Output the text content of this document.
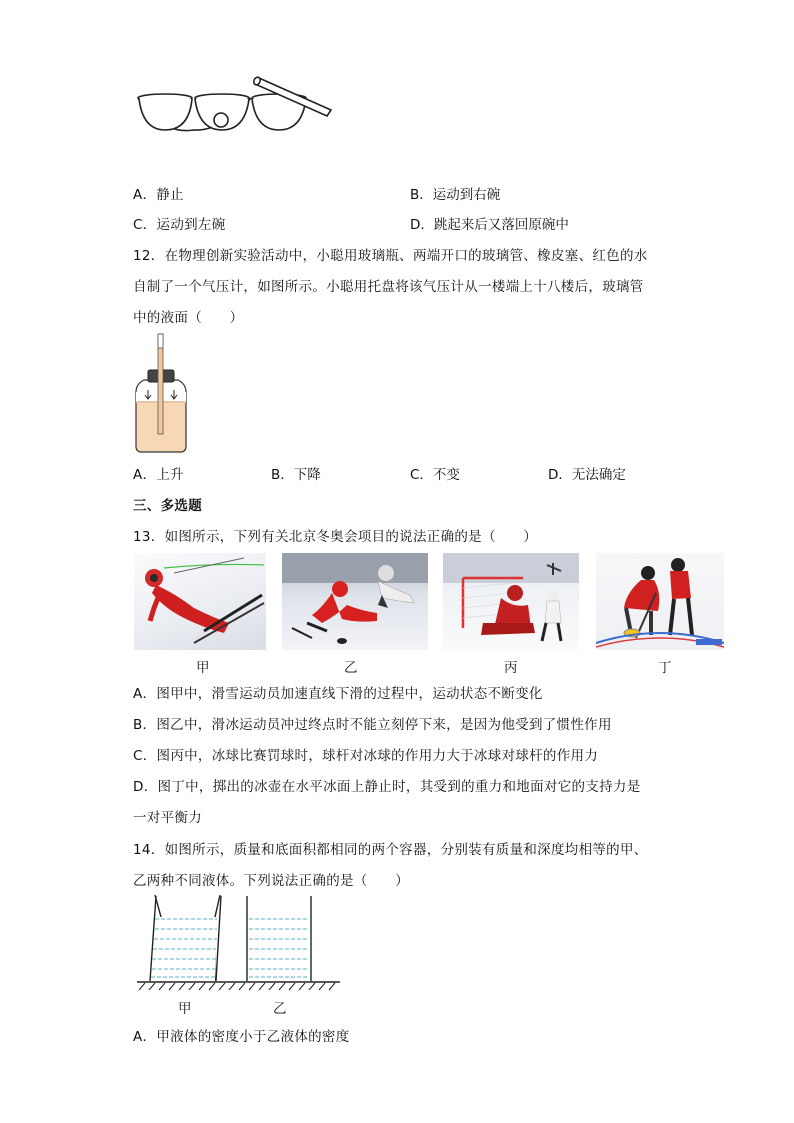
A．静止	B．运动到右碗
C．运动到左碗	D．跳起来后又落回原碗中
12．在物理创新实验活动中，小聪用玻璃瓶、两端开口的玻璃管、橡皮塞、红色的水
自制了一个气压计，如图所示。小聪用托盘将该气压计从一楼端上十八楼后，玻璃管
中的液面（　　）
A．上升	B．下降	C．不变	D．无法确定
三、多选题
13．如图所示，下列有关北京冬奥会项目的说法正确的是（　　）
甲	乙	丙	丁
A．图甲中，滑雪运动员加速直线下滑的过程中，运动状态不断变化
B．图乙中，滑冰运动员冲过终点时不能立刻停下来，是因为他受到了惯性作用
C．图丙中，冰球比赛罚球时，球杆对冰球的作用力大于冰球对球杆的作用力
D．图丁中，掷出的冰壶在水平冰面上静止时，其受到的重力和地面对它的支持力是
一对平衡力
14．如图所示，质量和底面积都相同的两个容器，分别装有质量和深度均相等的甲、
乙两种不同液体。下列说法正确的是（　　）
甲	乙
A．甲液体的密度小于乙液体的密度
